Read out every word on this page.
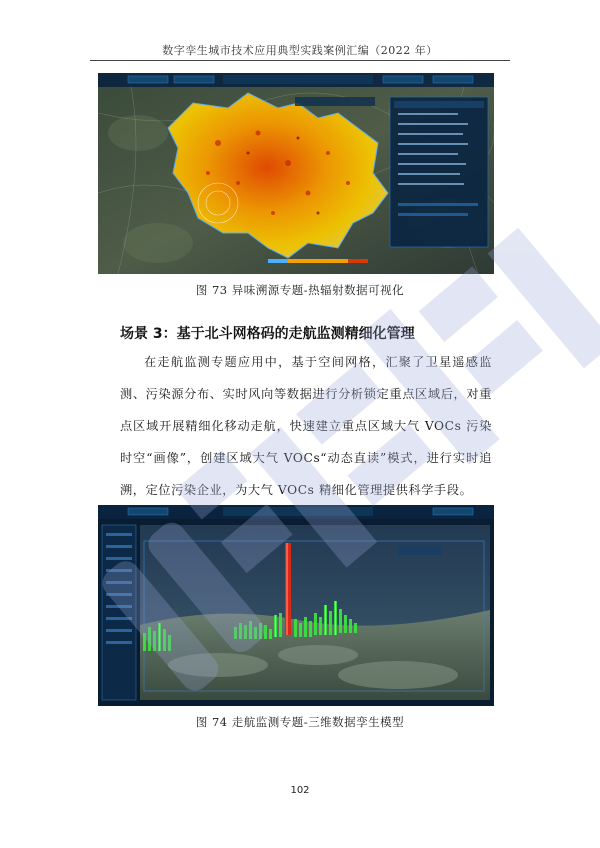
数字孪生城市技术应用典型实践案例汇编（2022 年）
图 73 异味溯源专题-热辐射数据可视化
场景 3：基于北斗网格码的走航监测精细化管理
在走航监测专题应用中，基于空间网格，汇聚了卫星遥感监测、污染源分布、实时风向等数据进行分析锁定重点区域后，对重点区域开展精细化移动走航，快速建立重点区域大气 VOCs 污染时空“画像”，创建区域大气 VOCs“动态直读”模式，进行实时追溯，定位污染企业，为大气 VOCs 精细化管理提供科学手段。
图 74 走航监测专题-三维数据孪生模型
102
